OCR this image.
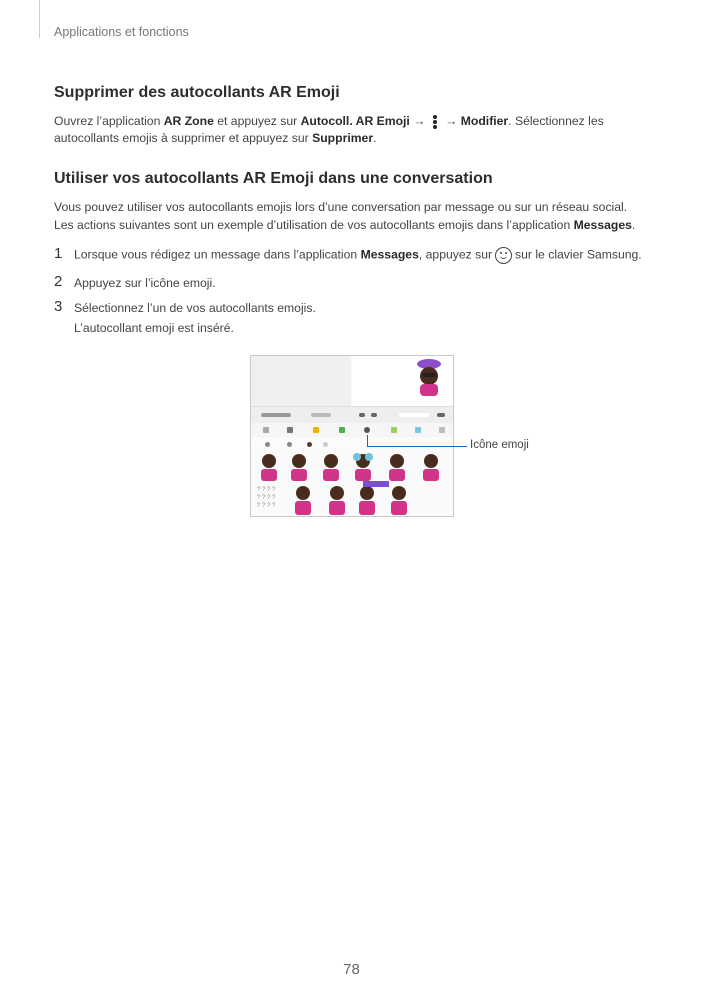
Applications et fonctions
Supprimer des autocollants AR Emoji
Ouvrez l’application AR Zone et appuyez sur Autocoll. AR Emoji →
→ Modifier. Sélectionnez les
autocollants emojis à supprimer et appuyez sur Supprimer.
Utiliser vos autocollants AR Emoji dans une conversation
Vous pouvez utiliser vos autocollants emojis lors d’une conversation par message ou sur un réseau social.
Les actions suivantes sont un exemple d’utilisation de vos autocollants emojis dans l’application Messages.
1 Lorsque vous rédigez un message dans l’application Messages, appuyez sur sur le clavier Samsung.
2 Appuyez sur l’icône emoji.
3 Sélectionnez l’un de vos autocollants emojis.
L’autocollant emoji est inséré.
? ? ? ?
? ? ? ?
? ? ? ?
Icône emoji
78
